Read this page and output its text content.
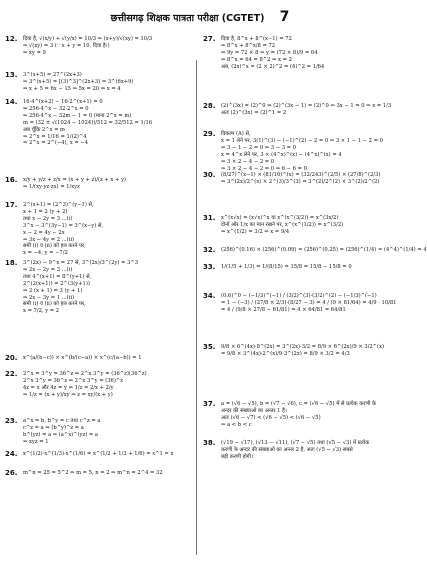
छत्तीसगढ़ शिक्षक पात्रता परीक्षा (CGTET) 7
12. दिया है, √(x/y) + √(y/x) = 10/3 ⇒ (x+y)/√(xy) = 10/3
⇒ √(xy) = 3 (∵ x + y = 10, दिया है।)
⇒ xy = 9
13. 3^(x+5) = 27^(2x+3)
⇒ 3^(x+5) = [(3)^3]^(2x+3) = 3^(6x+9)
⇒ x + 5 = 6x − 15 ⇒ 5x = 20 ⇒ x = 4
14. 16·4^(x+2) − 16·2^(x+1) = 0
⇒ 256·4^x − 32·2^x = 0
⇒ 256·4^x − 32m − 1 = 0 (माना 2^x = m)
m = (32 ± √(1024 − 1024))/512 = 32/512 = 1/16
अब चूँकि 2^x = m
⇒ 2^x = 1/16 = 1/(2)^4
⇒ 2^x = 2^(−4), x = −4
16. x/y + y/z + z/x = (x + y + z)/(z + x + y)
⇒ 1/(xy·yz·zx) = 1/xyz
17. 2^(x+1) = (2^3)^(y−1) से,
x + 1 = 2 (y + 2)
तथा x − 2y = 3 ...(i)
3^x − 3^(3y−1) = 3^(x−y) से,
x − 2 = 4y − 2x
⇒ 3x − 4y = 2 ...(ii)
समी (i) व (ii) को हल करने पर,
x = −4, y = −7/2
18. 3^(2x) − 9^x = 27 से, 3^(2x)/3^(2y) = 3^3
⇒ 2x − 2y = 3 ...(i)
तथा 4^(x+1) = 8^(y+1) से,
2^(2(x+1)) = 2^(3(y+1))
⇒ 2 (x + 1) = 3 (y + 1)
⇒ 2x − 3y = 1 ...(ii)
समी (i) व (ii) को हल करने पर,
x = 7/2, y = 2
20. x^(a/(b−c)) × x^(b/(c−a)) × x^(c/(a−b)) = 1
22. 2^x = 3^y = 36^z ⇒ 2^x 3^y = (36^z)(36^z)
2^x 3^y = 36^z ⇒ 2^x 3^y = (36)^z
4z = x और 4z = y ⇒ 1/z = 2/x + 2/y
⇒ 1/z = (x + y)/xy ⇒ z = xy/(x + y)
23. a^x = b, b^y = c तथा c^z = a
c^z = a ⇒ (b^y)^z = a
b^(yz) = a ⇒ (a^x)^(yz) = a
⇒ xyz = 1
24. x^(1/2)·x^(1/3)·x^(1/6) = x^(1/2 + 1/3 + 1/6) = x^1 = x
26. m^n = 25 = 5^2 ⇒ m = 5, n = 2 ⇒ m^n = 2^4 = 32
27. दिया है, 8^x + 8^(x−1) = 72
⇒ 8^x + 8^x/8 = 72
⇒ 9y = 72 × 8 ⇒ y = (72 × 8)/9 = 64
⇒ 8^x = 64 = 8^2 ⇒ x = 2
अब, (2x)^x = (2 × 2)^2 = (4)^2 = 1/64
28. (2)^(3x) = (2)^0 ⇒ (2)^(3x − 1) = (2)^0 ⇒ 3x − 1 = 0 ⇒ x = 1/3
अतः (2)^(3x) = (2)^1 = 2
29. विकल्प (A) से,
x = 1 लेने पर, 3(1)^(3) − (−1)^(2) − 2 = 0 ⇒ 3 × 1 − 1 − 2 = 0
⇒ 3 − 1 − 2 = 0 ⇒ 3 − 3 = 0
x = 4^x लेने पर, 3 × (4^x)^(x) − (4^x)^(x) = 4
⇒ 3 × 2 − 4 − 2 = 0
⇒ 3 × 2 − 4 − 2 = 0 ⇒ 6 − 6 = 0
30. (8/27)^(x−1) × (81/16)^(x) = (32/243)^(2/5) × (27/8)^(2/3)
⇒ 3^(2x)/2^(x) × 2^(3)/3^(3) = 3^(2)/2^(2) × 3^(2)/2^(2)
31. x^(x√x) = (x√x)^x या x^(x^(3/2)) = x^(3x/2)
दोनों ओर 1/x का मान रखने पर, x^(x^(1/2)) = x^(3/2)
⇒ x^(1/2) = 3/2 ⇒ x = 9/4
32. (256)^(0.16) × (256)^(0.09) = (256)^(0.25) = (256)^(1/4) = (4^4)^(1/4) = 4
33. 1/(1/5 + 1/3) = 1/(8/15) = 15/8 = 15/8 − 15/8 = 0
34. (0.6)^0 − (−1/3)^(−1) / (3/2)^(3)·(3/2)^(2) − (−1/3)^(−1)
= 1 − (−3) / (27/8 × 2/3)·(8/27 − 3) = 4 / (9 × 81/64) = 4/9 · 10/81
= 4 / (9/8 × 27/8 − 61/81) = 4 × 64/81 = 64/81
35. 9/8 × 6^(4x)·8^(2x) = 3^(2x)·3/2 = 8/9 × 6^(2x)/9 × 3/2^(x)
= 9/8 × 3^(4x)·2^(x)/9·3^(2x) = 8/9 × 3/2 = 4/3
37. a = (√6 − √5), b = (√7 − √6), c = (√6 − √5) में से प्रत्येक करणी के
अन्दर की संख्याओं का अन्तर 1 है।
अतः (√6 − √7) < (√6 − √5) < (√6 − √5)
⇒ a < b < c
38. (√19 − √17), (√13 − √11), (√7 − √5) तथा (√5 − √3) में प्रत्येक
करणी के अन्दर की संख्याओं का अन्तर 2 है, अतः (√5 − √3) सबसे
बड़ी करणी होगी।
